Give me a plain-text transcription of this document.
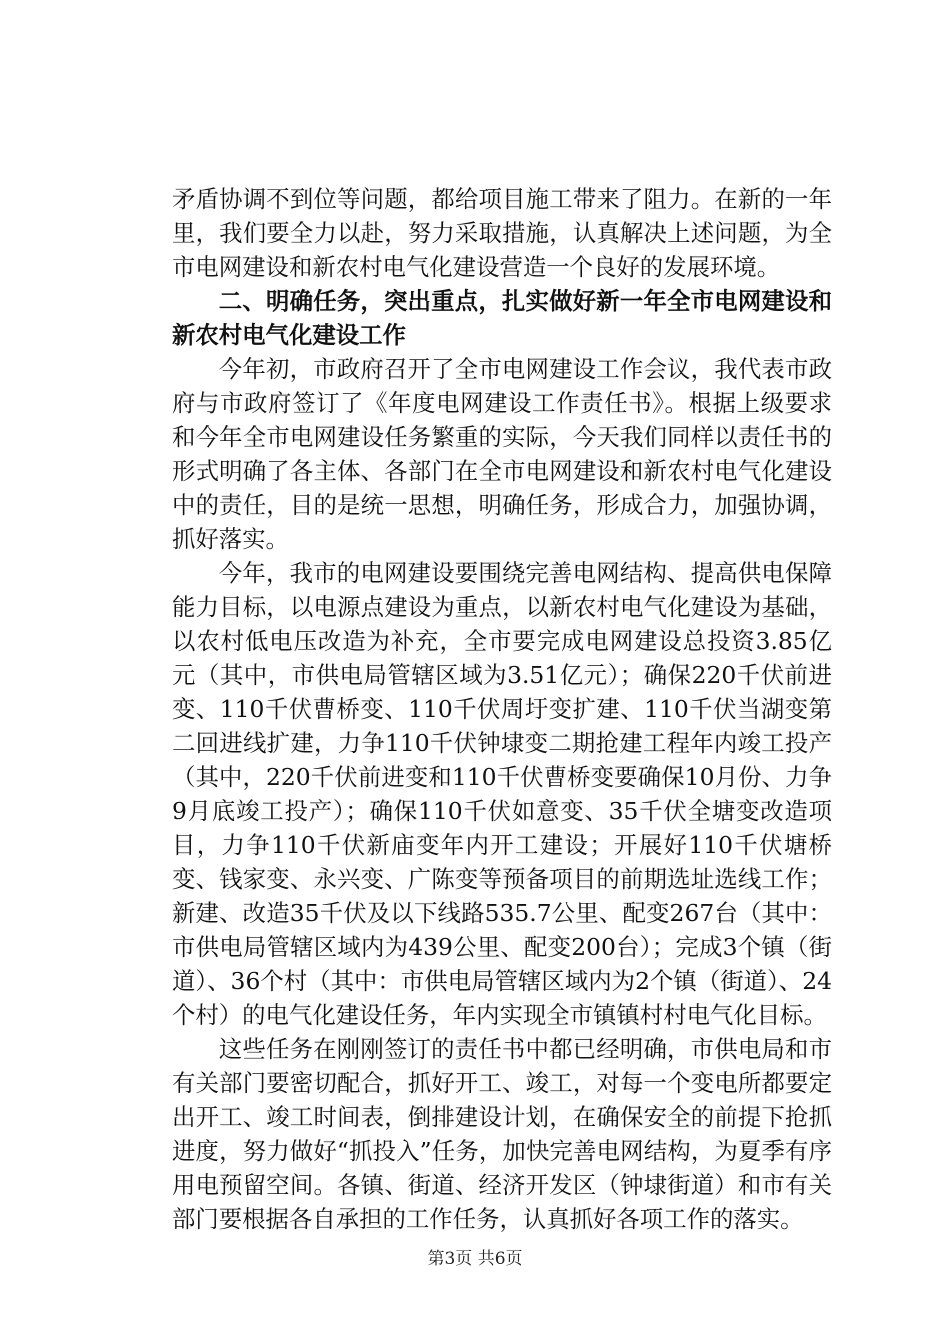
矛盾协调不到位等问题，都给项目施工带来了阻力。在新的一年里，我们要全力以赴，努力采取措施，认真解决上述问题，为全市电网建设和新农村电气化建设营造一个良好的发展环境。

二、明确任务，突出重点，扎实做好新一年全市电网建设和新农村电气化建设工作

今年初，市政府召开了全市电网建设工作会议，我代表市政府与市政府签订了《年度电网建设工作责任书》。根据上级要求和今年全市电网建设任务繁重的实际，今天我们同样以责任书的形式明确了各主体、各部门在全市电网建设和新农村电气化建设中的责任，目的是统一思想，明确任务，形成合力，加强协调，抓好落实。

今年，我市的电网建设要围绕完善电网结构、提高供电保障能力目标，以电源点建设为重点，以新农村电气化建设为基础，以农村低电压改造为补充，全市要完成电网建设总投资3.85亿元（其中，市供电局管辖区域为3.51亿元）；确保220千伏前进变、110千伏曹桥变、110千伏周圩变扩建、110千伏当湖变第二回进线扩建，力争110千伏钟埭变二期抢建工程年内竣工投产（其中，220千伏前进变和110千伏曹桥变要确保10月份、力争9月底竣工投产）；确保110千伏如意变、35千伏全塘变改造项目，力争110千伏新庙变年内开工建设；开展好110千伏塘桥变、钱家变、永兴变、广陈变等预备项目的前期选址选线工作；新建、改造35千伏及以下线路535.7公里、配变267台（其中：市供电局管辖区域内为439公里、配变200台）；完成3个镇（街道）、36个村（其中：市供电局管辖区域内为2个镇（街道）、24个村）的电气化建设任务，年内实现全市镇镇村村电气化目标。

这些任务在刚刚签订的责任书中都已经明确，市供电局和市有关部门要密切配合，抓好开工、竣工，对每一个变电所都要定出开工、竣工时间表，倒排建设计划，在确保安全的前提下抢抓进度，努力做好“抓投入”任务，加快完善电网结构，为夏季有序用电预留空间。各镇、街道、经济开发区（钟埭街道）和市有关部门要根据各自承担的工作任务，认真抓好各项工作的落实。

第3页 共6页
